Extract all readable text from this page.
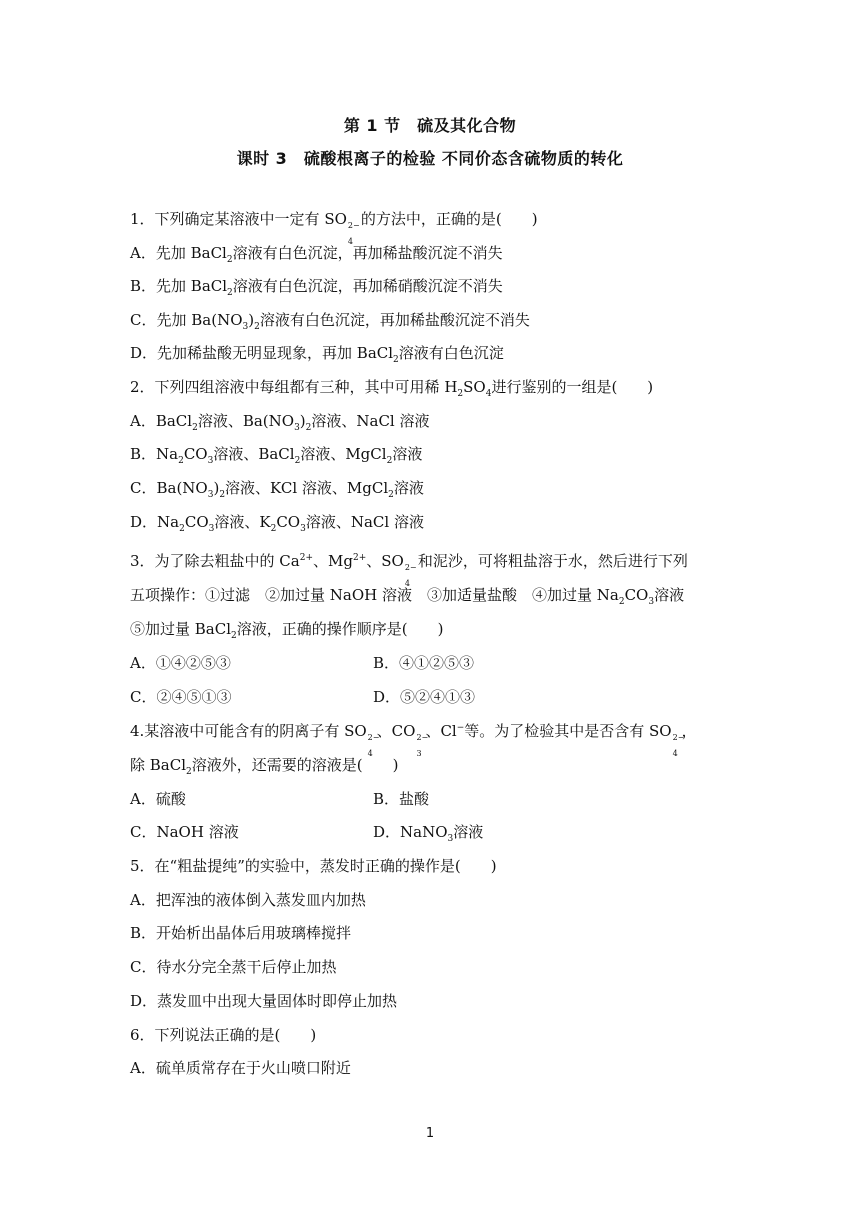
第 1 节　硫及其化合物
课时 3　硫酸根离子的检验 不同价态含硫物质的转化
1．下列确定某溶液中一定有 SO 2−
4
的方法中，正确的是(　　)
A．先加 BaCl$_2$溶液有白色沉淀，再加稀盐酸沉淀不消失
B．先加 BaCl$_2$溶液有白色沉淀，再加稀硝酸沉淀不消失
C．先加 $Ba(NO_3)_2$溶液有白色沉淀，再加稀盐酸沉淀不消失
D．先加稀盐酸无明显现象，再加 BaCl$_2$溶液有白色沉淀
2．下列四组溶液中每组都有三种，其中可用稀 $H_2SO_4$进行鉴别的一组是(　　)
A．BaCl$_2$溶液、$Ba(NO_3)_2$溶液、NaCl 溶液
B．$Na_2CO_3$溶液、BaCl$_2$溶液、MgCl$_2$溶液
C．$Ba(NO_3)_2$溶液、KCl 溶液、MgCl$_2$溶液
D．$Na_2CO_3$溶液、$K_2CO_3$溶液、NaCl 溶液
3．为了除去粗盐中的 $Ca^{2+}$、$Mg^{2+}$、SO 2−
4
和泥沙，可将粗盐溶于水，然后进行下列
五项操作：①过滤　②加过量 NaOH 溶液　③加适量盐酸　④加过量 $Na_2CO_3$溶液
⑤加过量 BaCl$_2$溶液，正确的操作顺序是(　　)
A．①④②⑤③	B．④①②⑤③
C．②④⑤①③	D．⑤②④①③
4.某溶液中可能含有的阴离子有 SO 2−
4
、CO 2−
3
、Cl−等。为了检验其中是否含有 SO 2−
4
，
除 BaCl$_2$溶液外，还需要的溶液是(　　)
A．硫酸	B．盐酸
C．NaOH 溶液	D．NaNO$_3$溶液
5．在“粗盐提纯”的实验中，蒸发时正确的操作是(　　)
A．把浑浊的液体倒入蒸发皿内加热
B．开始析出晶体后用玻璃棒搅拌
C．待水分完全蒸干后停止加热
D．蒸发皿中出现大量固体时即停止加热
6．下列说法正确的是(　　)
A．硫单质常存在于火山喷口附近
1
